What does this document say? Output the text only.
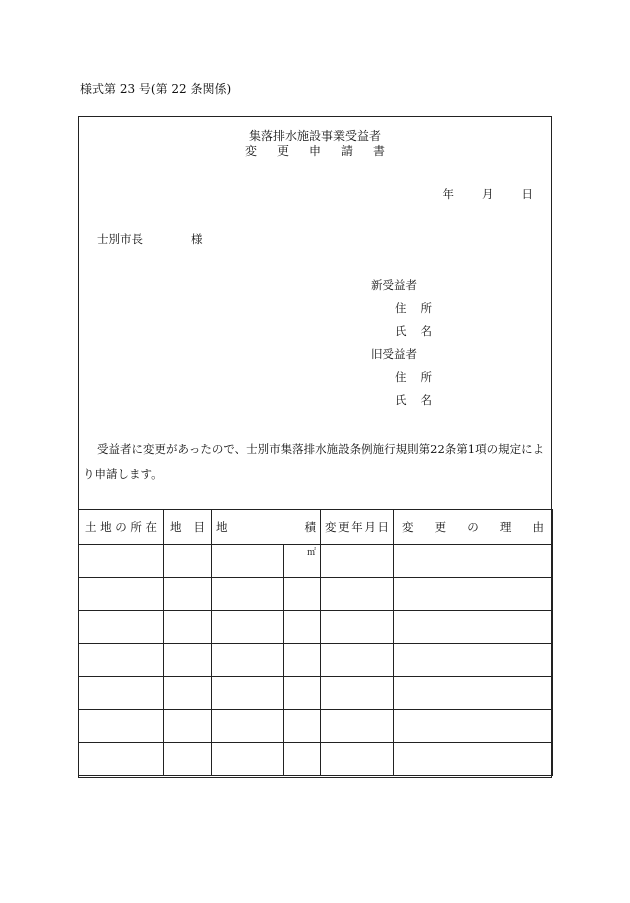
様式第 23 号(第 22 条関係)
集落排水施設事業受益者
変 更 申 請 書
年 月 日
士別市長	様
新受益者
住 所
氏 名
旧受益者
住 所
氏 名
受益者に変更があったので、士別市集落排水施設条例施行規則第22条第1項の規定により申請します。
土 地 の 所 在	地 目	地 積		変 更 年 月 日	変 更 の 理 由

			㎡		
